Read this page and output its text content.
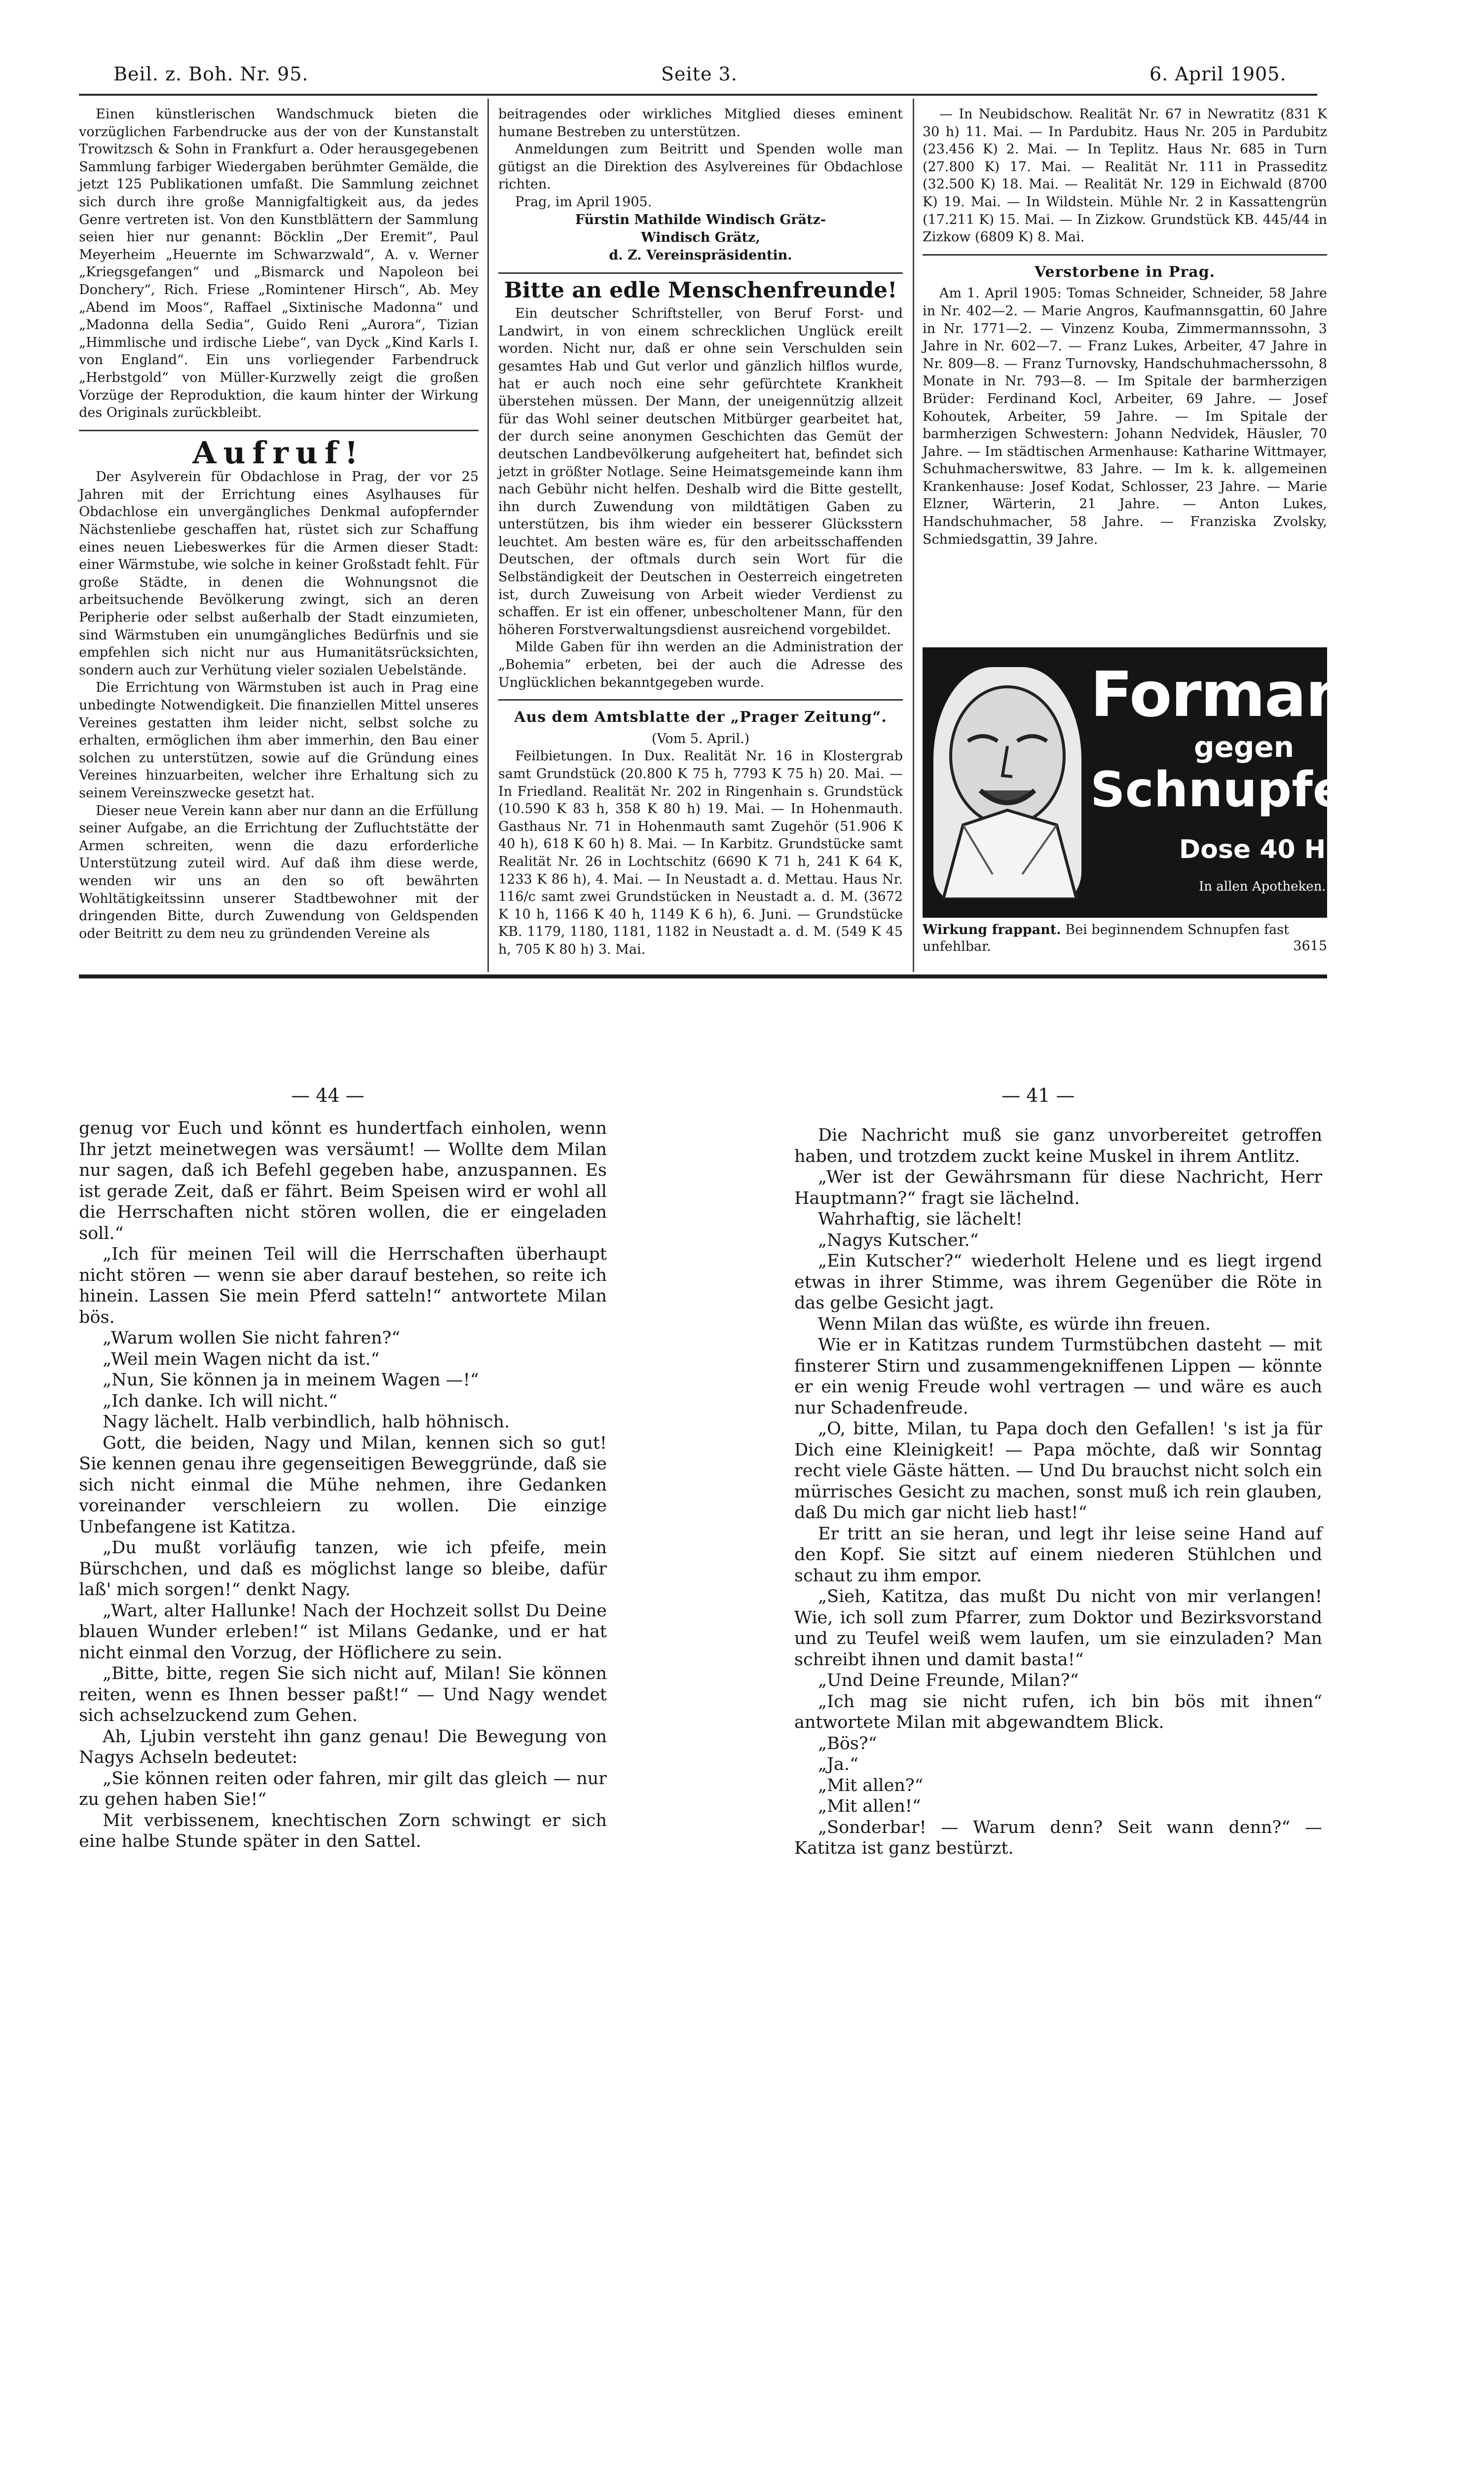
Beil. z. Boh. Nr. 95.	Seite 3.	6. April 1905.

Einen künstlerischen Wandschmuck bieten die vorzüglichen Farbendrucke aus der von der Kunstanstalt Trowitzsch & Sohn in Frankfurt a. Oder herausgegebenen Sammlung farbiger Wiedergaben berühmter Gemälde, die jetzt 125 Publikationen umfaßt. Die Sammlung zeichnet sich durch ihre große Mannigfaltigkeit aus, da jedes Genre vertreten ist. Von den Kunstblättern der Sammlung seien hier nur genannt: Böcklin „Der Eremit“, Paul Meyerheim „Heuernte im Schwarzwald“, A. v. Werner „Kriegsgefangen“ und „Bismarck und Napoleon bei Donchery“, Rich. Friese „Romintener Hirsch“, Ab. Mey „Abend im Moos“, Raffael „Sixtinische Madonna“ und „Madonna della Sedia“, Guido Reni „Aurora“, Tizian „Himmlische und irdische Liebe“, van Dyck „Kind Karls I. von England“. Ein uns vorliegender Farbendruck „Herbstgold“ von Müller-Kurzwelly zeigt die großen Vorzüge der Reproduktion, die kaum hinter der Wirkung des Originals zurückbleibt.

Aufruf!

Der Asylverein für Obdachlose in Prag, der vor 25 Jahren mit der Errichtung eines Asylhauses für Obdachlose ein unvergängliches Denkmal aufopfernder Nächstenliebe geschaffen hat, rüstet sich zur Schaffung eines neuen Liebeswerkes für die Armen dieser Stadt: einer Wärmstube, wie solche in keiner Großstadt fehlt. Für große Städte, in denen die Wohnungsnot die arbeitsuchende Bevölkerung zwingt, sich an deren Peripherie oder selbst außerhalb der Stadt einzumieten, sind Wärmstuben ein unumgängliches Bedürfnis und sie empfehlen sich nicht nur aus Humanitätsrücksichten, sondern auch zur Verhütung vieler sozialen Uebelstände.

Die Errichtung von Wärmstuben ist auch in Prag eine unbedingte Notwendigkeit. Die finanziellen Mittel unseres Vereines gestatten ihm leider nicht, selbst solche zu erhalten, ermöglichen ihm aber immerhin, den Bau einer solchen zu unterstützen, sowie auf die Gründung eines Vereines hinzuarbeiten, welcher ihre Erhaltung sich zu seinem Vereinszwecke gesetzt hat.

Dieser neue Verein kann aber nur dann an die Erfüllung seiner Aufgabe, an die Errichtung der Zufluchtstätte der Armen schreiten, wenn die dazu erforderliche Unterstützung zuteil wird. Auf daß ihm diese werde, wenden wir uns an den so oft bewährten Wohltätigkeitssinn unserer Stadtbewohner mit der dringenden Bitte, durch Zuwendung von Geldspenden oder Beitritt zu dem neu zu gründenden Vereine als

beitragendes oder wirkliches Mitglied dieses eminent humane Bestreben zu unterstützen.

Anmeldungen zum Beitritt und Spenden wolle man gütigst an die Direktion des Asylvereines für Obdachlose richten.

Prag, im April 1905.

Fürstin Mathilde Windisch Grätz-
Windisch Grätz,
d. Z. Vereinspräsidentin.
Bitte an edle Menschenfreunde!

Ein deutscher Schriftsteller, von Beruf Forst- und Landwirt, in von einem schrecklichen Unglück ereilt worden. Nicht nur, daß er ohne sein Verschulden sein gesamtes Hab und Gut verlor und gänzlich hilflos wurde, hat er auch noch eine sehr gefürchtete Krankheit überstehen müssen. Der Mann, der uneigennützig allzeit für das Wohl seiner deutschen Mitbürger gearbeitet hat, der durch seine anonymen Geschichten das Gemüt der deutschen Landbevölkerung aufgeheitert hat, befindet sich jetzt in größter Notlage. Seine Heimatsgemeinde kann ihm nach Gebühr nicht helfen. Deshalb wird die Bitte gestellt, ihn durch Zuwendung von mildtätigen Gaben zu unterstützen, bis ihm wieder ein besserer Glücksstern leuchtet. Am besten wäre es, für den arbeitsschaffenden Deutschen, der oftmals durch sein Wort für die Selbständigkeit der Deutschen in Oesterreich eingetreten ist, durch Zuweisung von Arbeit wieder Verdienst zu schaffen. Er ist ein offener, unbescholtener Mann, für den höheren Forstverwaltungsdienst ausreichend vorgebildet.

Milde Gaben für ihn werden an die Administration der „Bohemia“ erbeten, bei der auch die Adresse des Unglücklichen bekanntgegeben wurde.

Aus dem Amtsblatte der „Prager Zeitung“.

(Vom 5. April.)

Feilbietungen. In Dux. Realität Nr. 16 in Klostergrab samt Grundstück (20.800 K 75 h, 7793 K 75 h) 20. Mai. — In Friedland. Realität Nr. 202 in Ringenhain s. Grundstück (10.590 K 83 h, 358 K 80 h) 19. Mai. — In Hohenmauth. Gasthaus Nr. 71 in Hohenmauth samt Zugehör (51.906 K 40 h), 618 K 60 h) 8. Mai. — In Karbitz. Grundstücke samt Realität Nr. 26 in Lochtschitz (6690 K 71 h, 241 K 64 K, 1233 K 86 h), 4. Mai. — In Neustadt a. d. Mettau. Haus Nr. 116/c samt zwei Grundstücken in Neustadt a. d. M. (3672 K 10 h, 1166 K 40 h, 1149 K 6 h), 6. Juni. — Grundstücke KB. 1179, 1180, 1181, 1182 in Neustadt a. d. M. (549 K 45 h, 705 K 80 h) 3. Mai.

— In Neubidschow. Realität Nr. 67 in Newratitz (831 K 30 h) 11. Mai. — In Pardubitz. Haus Nr. 205 in Pardubitz (23.456 K) 2. Mai. — In Teplitz. Haus Nr. 685 in Turn (27.800 K) 17. Mai. — Realität Nr. 111 in Prasseditz (32.500 K) 18. Mai. — Realität Nr. 129 in Eichwald (8700 K) 19. Mai. — In Wildstein. Mühle Nr. 2 in Kassattengrün (17.211 K) 15. Mai. — In Zizkow. Grundstück KB. 445/44 in Zizkow (6809 K) 8. Mai.

Verstorbene in Prag.

Am 1. April 1905: Tomas Schneider, Schneider, 58 Jahre in Nr. 402—2. — Marie Angros, Kaufmannsgattin, 60 Jahre in Nr. 1771—2. — Vinzenz Kouba, Zimmermannssohn, 3 Jahre in Nr. 602—7. — Franz Lukes, Arbeiter, 47 Jahre in Nr. 809—8. — Franz Turnovsky, Handschuhmacherssohn, 8 Monate in Nr. 793—8. — Im Spitale der barmherzigen Brüder: Ferdinand Kocl, Arbeiter, 69 Jahre. — Josef Kohoutek, Arbeiter, 59 Jahre. — Im Spitale der barmherzigen Schwestern: Johann Nedvidek, Häusler, 70 Jahre. — Im städtischen Armenhause: Katharine Wittmayer, Schuhmacherswitwe, 83 Jahre. — Im k. k. allgemeinen Krankenhause: Josef Kodat, Schlosser, 23 Jahre. — Marie Elzner, Wärterin, 21 Jahre. — Anton Lukes, Handschuhmacher, 58 Jahre. — Franziska Zvolsky, Schmiedsgattin, 39 Jahre.

Forman
gegen
Schnupfen
Dose 40 H
In allen Apotheken.
Wirkung frappant. Bei beginnendem Schnupfen fast unfehlbar.	3615
— 44 —	— 41 —

genug vor Euch und könnt es hundertfach einholen, wenn Ihr jetzt meinetwegen was versäumt! — Wollte dem Milan nur sagen, daß ich Befehl gegeben habe, anzuspannen. Es ist gerade Zeit, daß er fährt. Beim Speisen wird er wohl all die Herrschaften nicht stören wollen, die er eingeladen soll.“

„Ich für meinen Teil will die Herrschaften überhaupt nicht stören — wenn sie aber darauf bestehen, so reite ich hinein. Lassen Sie mein Pferd satteln!“ antwortete Milan bös.

„Warum wollen Sie nicht fahren?“

„Weil mein Wagen nicht da ist.“

„Nun, Sie können ja in meinem Wagen —!“

„Ich danke. Ich will nicht.“

Nagy lächelt. Halb verbindlich, halb höhnisch.

Gott, die beiden, Nagy und Milan, kennen sich so gut! Sie kennen genau ihre gegenseitigen Beweggründe, daß sie sich nicht einmal die Mühe nehmen, ihre Gedanken voreinander verschleiern zu wollen. Die einzige Unbefangene ist Katitza.

„Du mußt vorläufig tanzen, wie ich pfeife, mein Bürschchen, und daß es möglichst lange so bleibe, dafür laß' mich sorgen!“ denkt Nagy.

„Wart, alter Hallunke! Nach der Hochzeit sollst Du Deine blauen Wunder erleben!“ ist Milans Gedanke, und er hat nicht einmal den Vorzug, der Höflichere zu sein.

„Bitte, bitte, regen Sie sich nicht auf, Milan! Sie können reiten, wenn es Ihnen besser paßt!“ — Und Nagy wendet sich achselzuckend zum Gehen.

Ah, Ljubin versteht ihn ganz genau! Die Bewegung von Nagys Achseln bedeutet:

„Sie können reiten oder fahren, mir gilt das gleich — nur zu gehen haben Sie!“

Mit verbissenem, knechtischen Zorn schwingt er sich eine halbe Stunde später in den Sattel.

Die Nachricht muß sie ganz unvorbereitet getroffen haben, und trotzdem zuckt keine Muskel in ihrem Antlitz.

„Wer ist der Gewährsmann für diese Nachricht, Herr Hauptmann?“ fragt sie lächelnd.

Wahrhaftig, sie lächelt!

„Nagys Kutscher.“

„Ein Kutscher?“ wiederholt Helene und es liegt irgend etwas in ihrer Stimme, was ihrem Gegenüber die Röte in das gelbe Gesicht jagt.

Wenn Milan das wüßte, es würde ihn freuen.

Wie er in Katitzas rundem Turmstübchen dasteht — mit finsterer Stirn und zusammengekniffenen Lippen — könnte er ein wenig Freude wohl vertragen — und wäre es auch nur Schadenfreude.

„O, bitte, Milan, tu Papa doch den Gefallen! 's ist ja für Dich eine Kleinigkeit! — Papa möchte, daß wir Sonntag recht viele Gäste hätten. — Und Du brauchst nicht solch ein mürrisches Gesicht zu machen, sonst muß ich rein glauben, daß Du mich gar nicht lieb hast!“

Er tritt an sie heran, und legt ihr leise seine Hand auf den Kopf. Sie sitzt auf einem niederen Stühlchen und schaut zu ihm empor.

„Sieh, Katitza, das mußt Du nicht von mir verlangen! Wie, ich soll zum Pfarrer, zum Doktor und Bezirksvorstand und zu Teufel weiß wem laufen, um sie einzuladen? Man schreibt ihnen und damit basta!“

„Und Deine Freunde, Milan?“

„Ich mag sie nicht rufen, ich bin bös mit ihnen“ antwortete Milan mit abgewandtem Blick.

„Bös?“

„Ja.“

„Mit allen?“

„Mit allen!“

„Sonderbar! — Warum denn? Seit wann denn?“ — Katitza ist ganz bestürzt.
